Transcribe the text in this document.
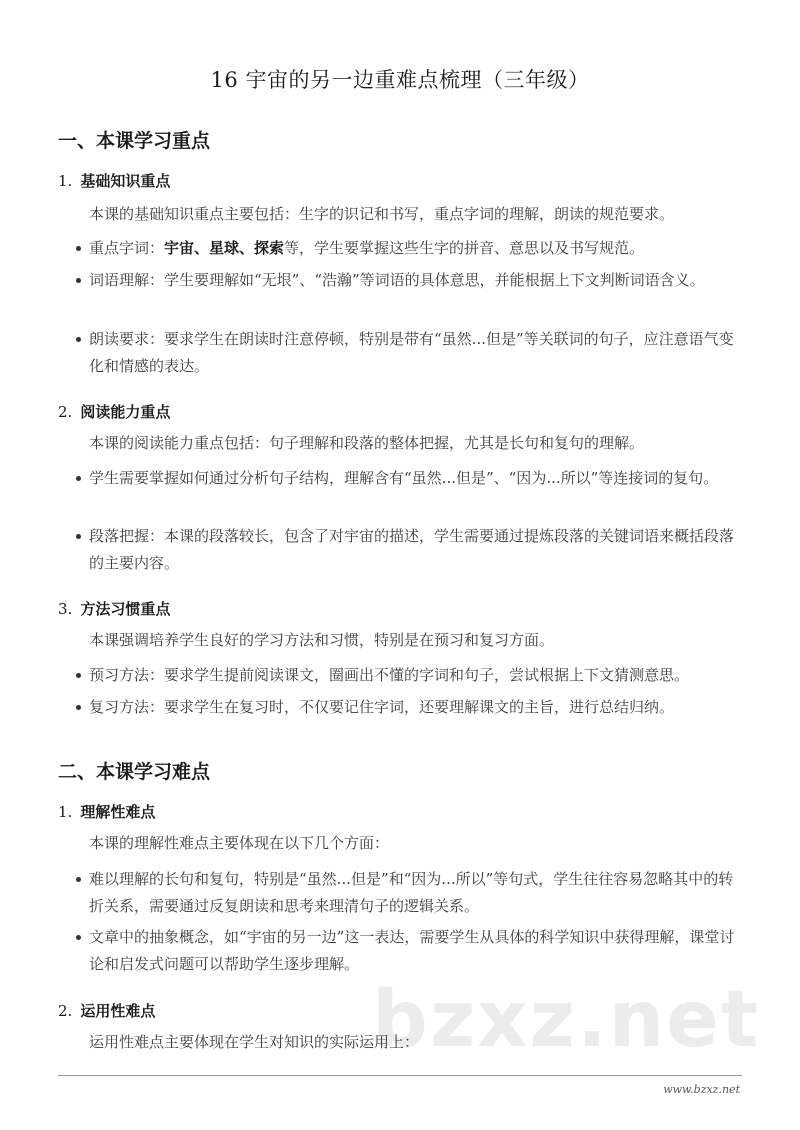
bzxz.net
16 宇宙的另一边重难点梳理（三年级）
一、本课学习重点
1. 基础知识重点
本课的基础知识重点主要包括：生字的识记和书写，重点字词的理解，朗读的规范要求。
重点字词：宇宙、星球、探索等，学生要掌握这些生字的拼音、意思以及书写规范。
词语理解：学生要理解如“无垠”、“浩瀚”等词语的具体意思，并能根据上下文判断词语含义。
朗读要求：要求学生在朗读时注意停顿，特别是带有“虽然...但是”等关联词的句子，应注意语气变化和情感的表达。
2. 阅读能力重点
本课的阅读能力重点包括：句子理解和段落的整体把握，尤其是长句和复句的理解。
学生需要掌握如何通过分析句子结构，理解含有“虽然...但是”、“因为...所以”等连接词的复句。
段落把握：本课的段落较长，包含了对宇宙的描述，学生需要通过提炼段落的关键词语来概括段落的主要内容。
3. 方法习惯重点
本课强调培养学生良好的学习方法和习惯，特别是在预习和复习方面。
预习方法：要求学生提前阅读课文，圈画出不懂的字词和句子，尝试根据上下文猜测意思。
复习方法：要求学生在复习时，不仅要记住字词，还要理解课文的主旨，进行总结归纳。
二、本课学习难点
1. 理解性难点
本课的理解性难点主要体现在以下几个方面：
难以理解的长句和复句，特别是“虽然...但是”和“因为...所以”等句式，学生往往容易忽略其中的转折关系，需要通过反复朗读和思考来理清句子的逻辑关系。
文章中的抽象概念，如“宇宙的另一边”这一表达，需要学生从具体的科学知识中获得理解，课堂讨论和启发式问题可以帮助学生逐步理解。
2. 运用性难点
运用性难点主要体现在学生对知识的实际运用上：
www.bzxz.net
